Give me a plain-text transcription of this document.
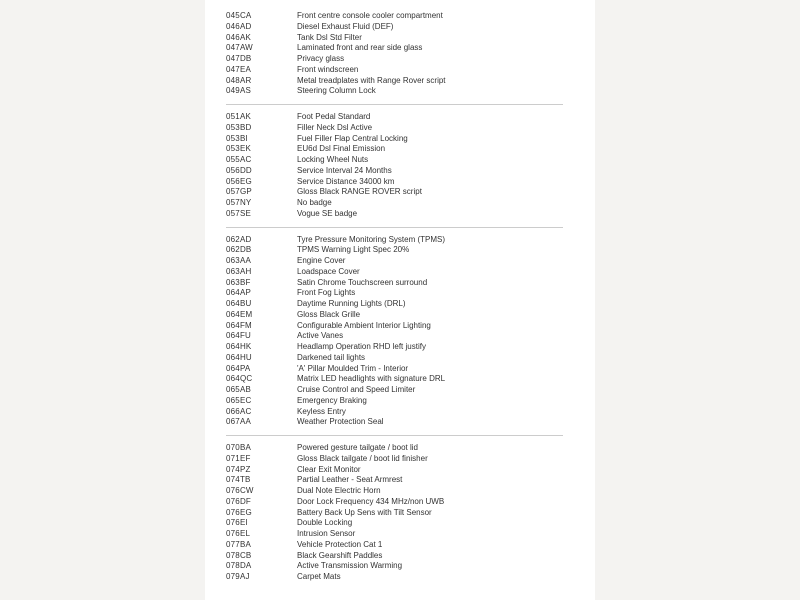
045CA	Front centre console cooler compartment
046AD	Diesel Exhaust Fluid (DEF)
046AK	Tank Dsl Std Filter
047AW	Laminated front and rear side glass
047DB	Privacy glass
047EA	Front windscreen
048AR	Metal treadplates with Range Rover script
049AS	Steering Column Lock
051AK	Foot Pedal Standard
053BD	Filler Neck Dsl Active
053BI	Fuel Filler Flap Central Locking
053EK	EU6d Dsl Final Emission
055AC	Locking Wheel Nuts
056DD	Service Interval 24 Months
056EG	Service Distance 34000 km
057GP	Gloss Black RANGE ROVER script
057NY	No badge
057SE	Vogue SE badge
062AD	Tyre Pressure Monitoring System (TPMS)
062DB	TPMS Warning Light Spec 20%
063AA	Engine Cover
063AH	Loadspace Cover
063BF	Satin Chrome Touchscreen surround
064AP	Front Fog Lights
064BU	Daytime Running Lights (DRL)
064EM	Gloss Black Grille
064FM	Configurable Ambient Interior Lighting
064FU	Active Vanes
064HK	Headlamp Operation RHD left justify
064HU	Darkened tail lights
064PA	'A' Pillar Moulded Trim - Interior
064QC	Matrix LED headlights with signature DRL
065AB	Cruise Control and Speed Limiter
065EC	Emergency Braking
066AC	Keyless Entry
067AA	Weather Protection Seal
070BA	Powered gesture tailgate / boot lid
071EF	Gloss Black tailgate / boot lid finisher
074PZ	Clear Exit Monitor
074TB	Partial Leather - Seat Armrest
076CW	Dual Note Electric Horn
076DF	Door Lock Frequency 434 MHz/non UWB
076EG	Battery Back Up Sens with Tilt Sensor
076EI	Double Locking
076EL	Intrusion Sensor
077BA	Vehicle Protection Cat 1
078CB	Black Gearshift Paddles
078DA	Active Transmission Warming
079AJ	Carpet Mats
